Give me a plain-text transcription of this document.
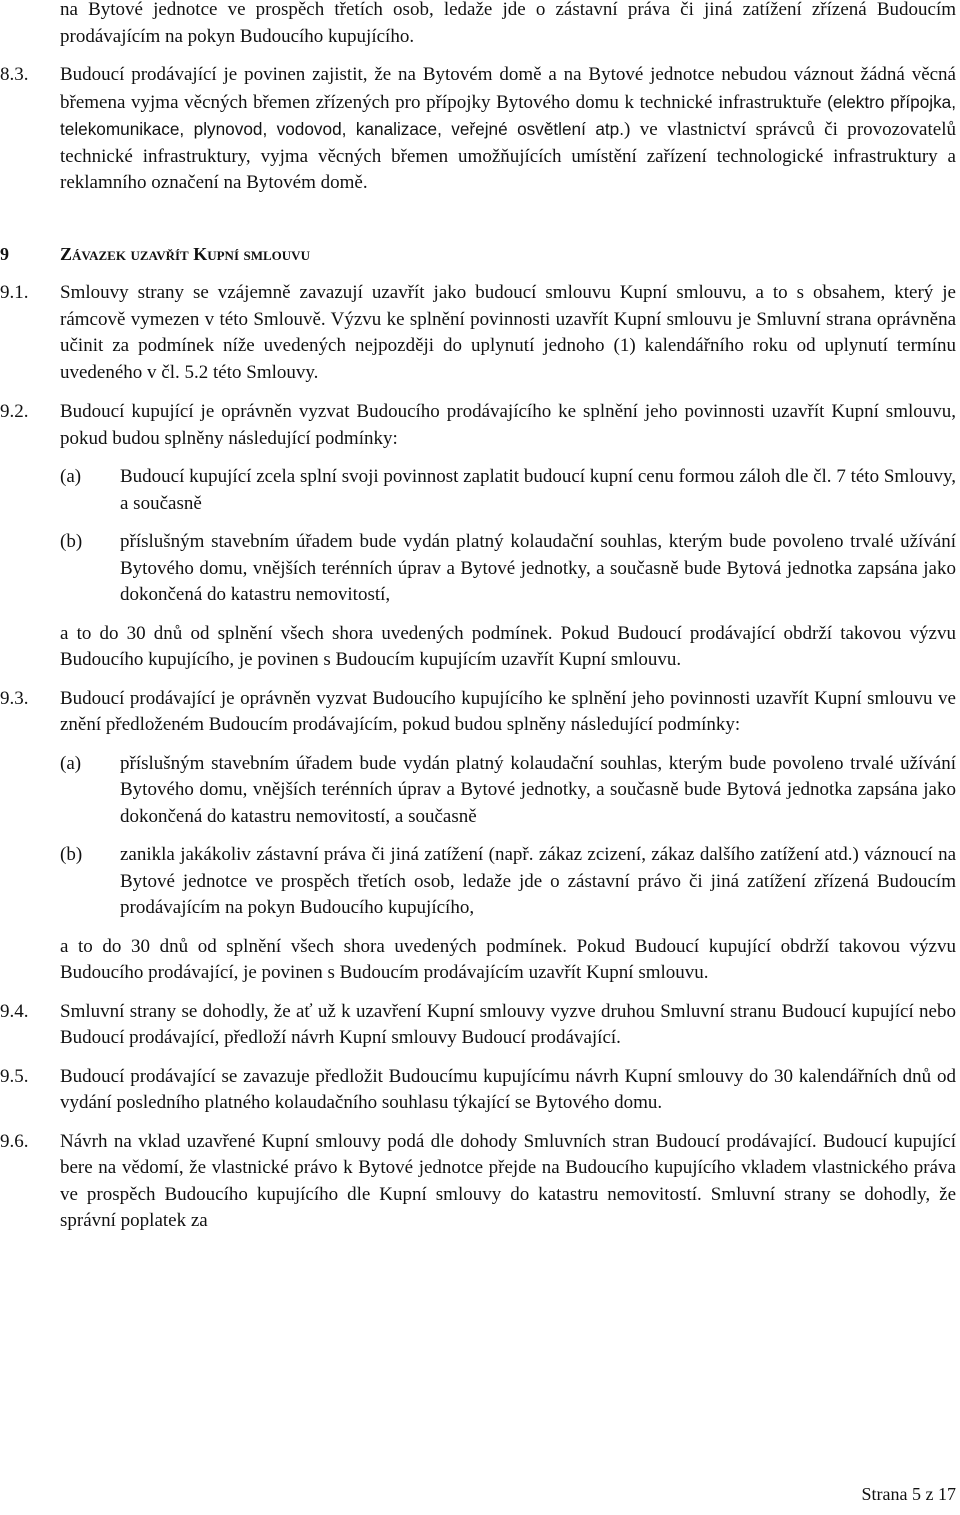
na Bytové jednotce ve prospěch třetích osob, ledaže jde o zástavní práva či jiná zatížení zřízená Budoucím prodávajícím na pokyn Budoucího kupujícího.
8.3.	Budoucí prodávající je povinen zajistit, že na Bytovém domě a na Bytové jednotce nebudou váznout žádná věcná břemena vyjma věcných břemen zřízených pro přípojky Bytového domu k technické infrastruktuře (elektro přípojka, telekomunikace, plynovod, vodovod, kanalizace, veřejné osvětlení atp.) ve vlastnictví správců či provozovatelů technické infrastruktury, vyjma věcných břemen umožňujících umístění zařízení technologické infrastruktury a reklamního označení na Bytovém domě.
9	Závazek uzavřít Kupní smlouvu
9.1.	Smlouvy strany se vzájemně zavazují uzavřít jako budoucí smlouvu Kupní smlouvu, a to s obsahem, který je rámcově vymezen v této Smlouvě. Výzvu ke splnění povinnosti uzavřít Kupní smlouvu je Smluvní strana oprávněna učinit za podmínek níže uvedených nejpozději do uplynutí jednoho (1) kalendářního roku od uplynutí termínu uvedeného v čl. 5.2 této Smlouvy.
9.2.	Budoucí kupující je oprávněn vyzvat Budoucího prodávajícího ke splnění jeho povinnosti uzavřít Kupní smlouvu, pokud budou splněny následující podmínky:
(a)	Budoucí kupující zcela splní svoji povinnost zaplatit budoucí kupní cenu formou záloh dle čl. 7 této Smlouvy, a současně
(b)	příslušným stavebním úřadem bude vydán platný kolaudační souhlas, kterým bude povoleno trvalé užívání Bytového domu, vnějších terénních úprav a Bytové jednotky, a současně bude Bytová jednotka zapsána jako dokončená do katastru nemovitostí,
a to do 30 dnů od splnění všech shora uvedených podmínek. Pokud Budoucí prodávající obdrží takovou výzvu Budoucího kupujícího, je povinen s Budoucím kupujícím uzavřít Kupní smlouvu.
9.3.	Budoucí prodávající je oprávněn vyzvat Budoucího kupujícího ke splnění jeho povinnosti uzavřít Kupní smlouvu ve znění předloženém Budoucím prodávajícím, pokud budou splněny následující podmínky:
(a)	příslušným stavebním úřadem bude vydán platný kolaudační souhlas, kterým bude povoleno trvalé užívání Bytového domu, vnějších terénních úprav a Bytové jednotky, a současně bude Bytová jednotka zapsána jako dokončená do katastru nemovitostí, a současně
(b)	zanikla jakákoliv zástavní práva či jiná zatížení (např. zákaz zcizení, zákaz dalšího zatížení atd.) váznoucí na Bytové jednotce ve prospěch třetích osob, ledaže jde o zástavní právo či jiná zatížení zřízená Budoucím prodávajícím na pokyn Budoucího kupujícího,
a to do 30 dnů od splnění všech shora uvedených podmínek. Pokud Budoucí kupující obdrží takovou výzvu Budoucího prodávající, je povinen s Budoucím prodávajícím uzavřít Kupní smlouvu.
9.4.	Smluvní strany se dohodly, že ať už k uzavření Kupní smlouvy vyzve druhou Smluvní stranu Budoucí kupující nebo Budoucí prodávající, předloží návrh Kupní smlouvy Budoucí prodávající.
9.5.	Budoucí prodávající se zavazuje předložit Budoucímu kupujícímu návrh Kupní smlouvy do 30 kalendářních dnů od vydání posledního platného kolaudačního souhlasu týkající se Bytového domu.
9.6.	Návrh na vklad uzavřené Kupní smlouvy podá dle dohody Smluvních stran Budoucí prodávající. Budoucí kupující bere na vědomí, že vlastnické právo k Bytové jednotce přejde na Budoucího kupujícího vkladem vlastnického práva ve prospěch Budoucího kupujícího dle Kupní smlouvy do katastru nemovitostí. Smluvní strany se dohodly, že správní poplatek za
Strana 5 z 17
